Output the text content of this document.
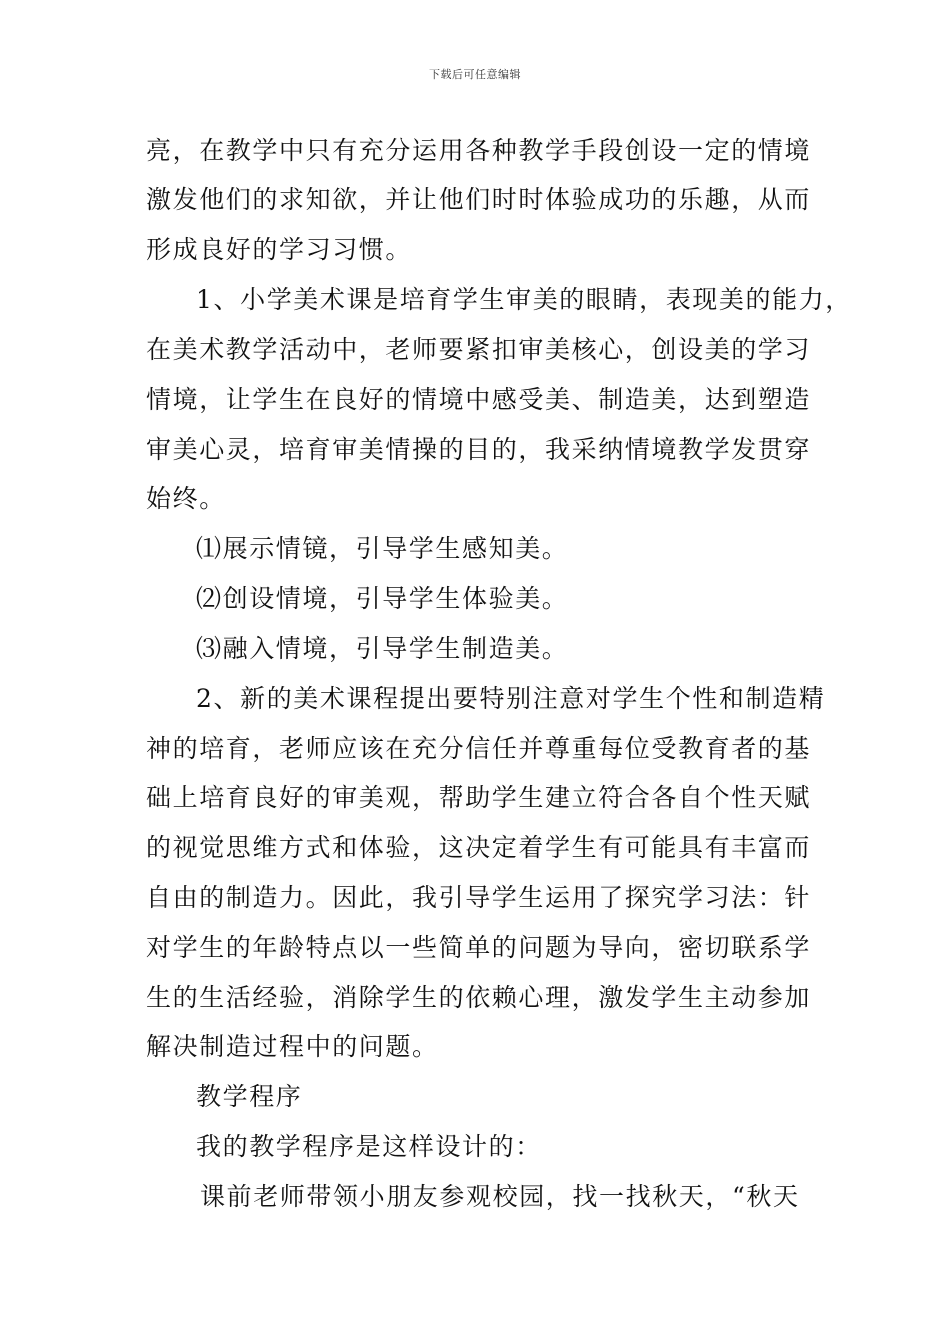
下载后可任意编辑
亮，在教学中只有充分运用各种教学手段创设一定的情境
激发他们的求知欲，并让他们时时体验成功的乐趣，从而
形成良好的学习习惯。
1、小学美术课是培育学生审美的眼睛，表现美的能力，
在美术教学活动中，老师要紧扣审美核心，创设美的学习
情境，让学生在良好的情境中感受美、制造美，达到塑造
审美心灵，培育审美情操的目的，我采纳情境教学发贯穿
始终。
⑴展示情镜，引导学生感知美。
⑵创设情境，引导学生体验美。
⑶融入情境，引导学生制造美。
2、新的美术课程提出要特别注意对学生个性和制造精
神的培育，老师应该在充分信任并尊重每位受教育者的基
础上培育良好的审美观，帮助学生建立符合各自个性天赋
的视觉思维方式和体验，这决定着学生有可能具有丰富而
自由的制造力。因此，我引导学生运用了探究学习法：针
对学生的年龄特点以一些简单的问题为导向，密切联系学
生的生活经验，消除学生的依赖心理，激发学生主动参加
解决制造过程中的问题。
教学程序
我的教学程序是这样设计的：
课前老师带领小朋友参观校园，找一找秋天，“秋天
